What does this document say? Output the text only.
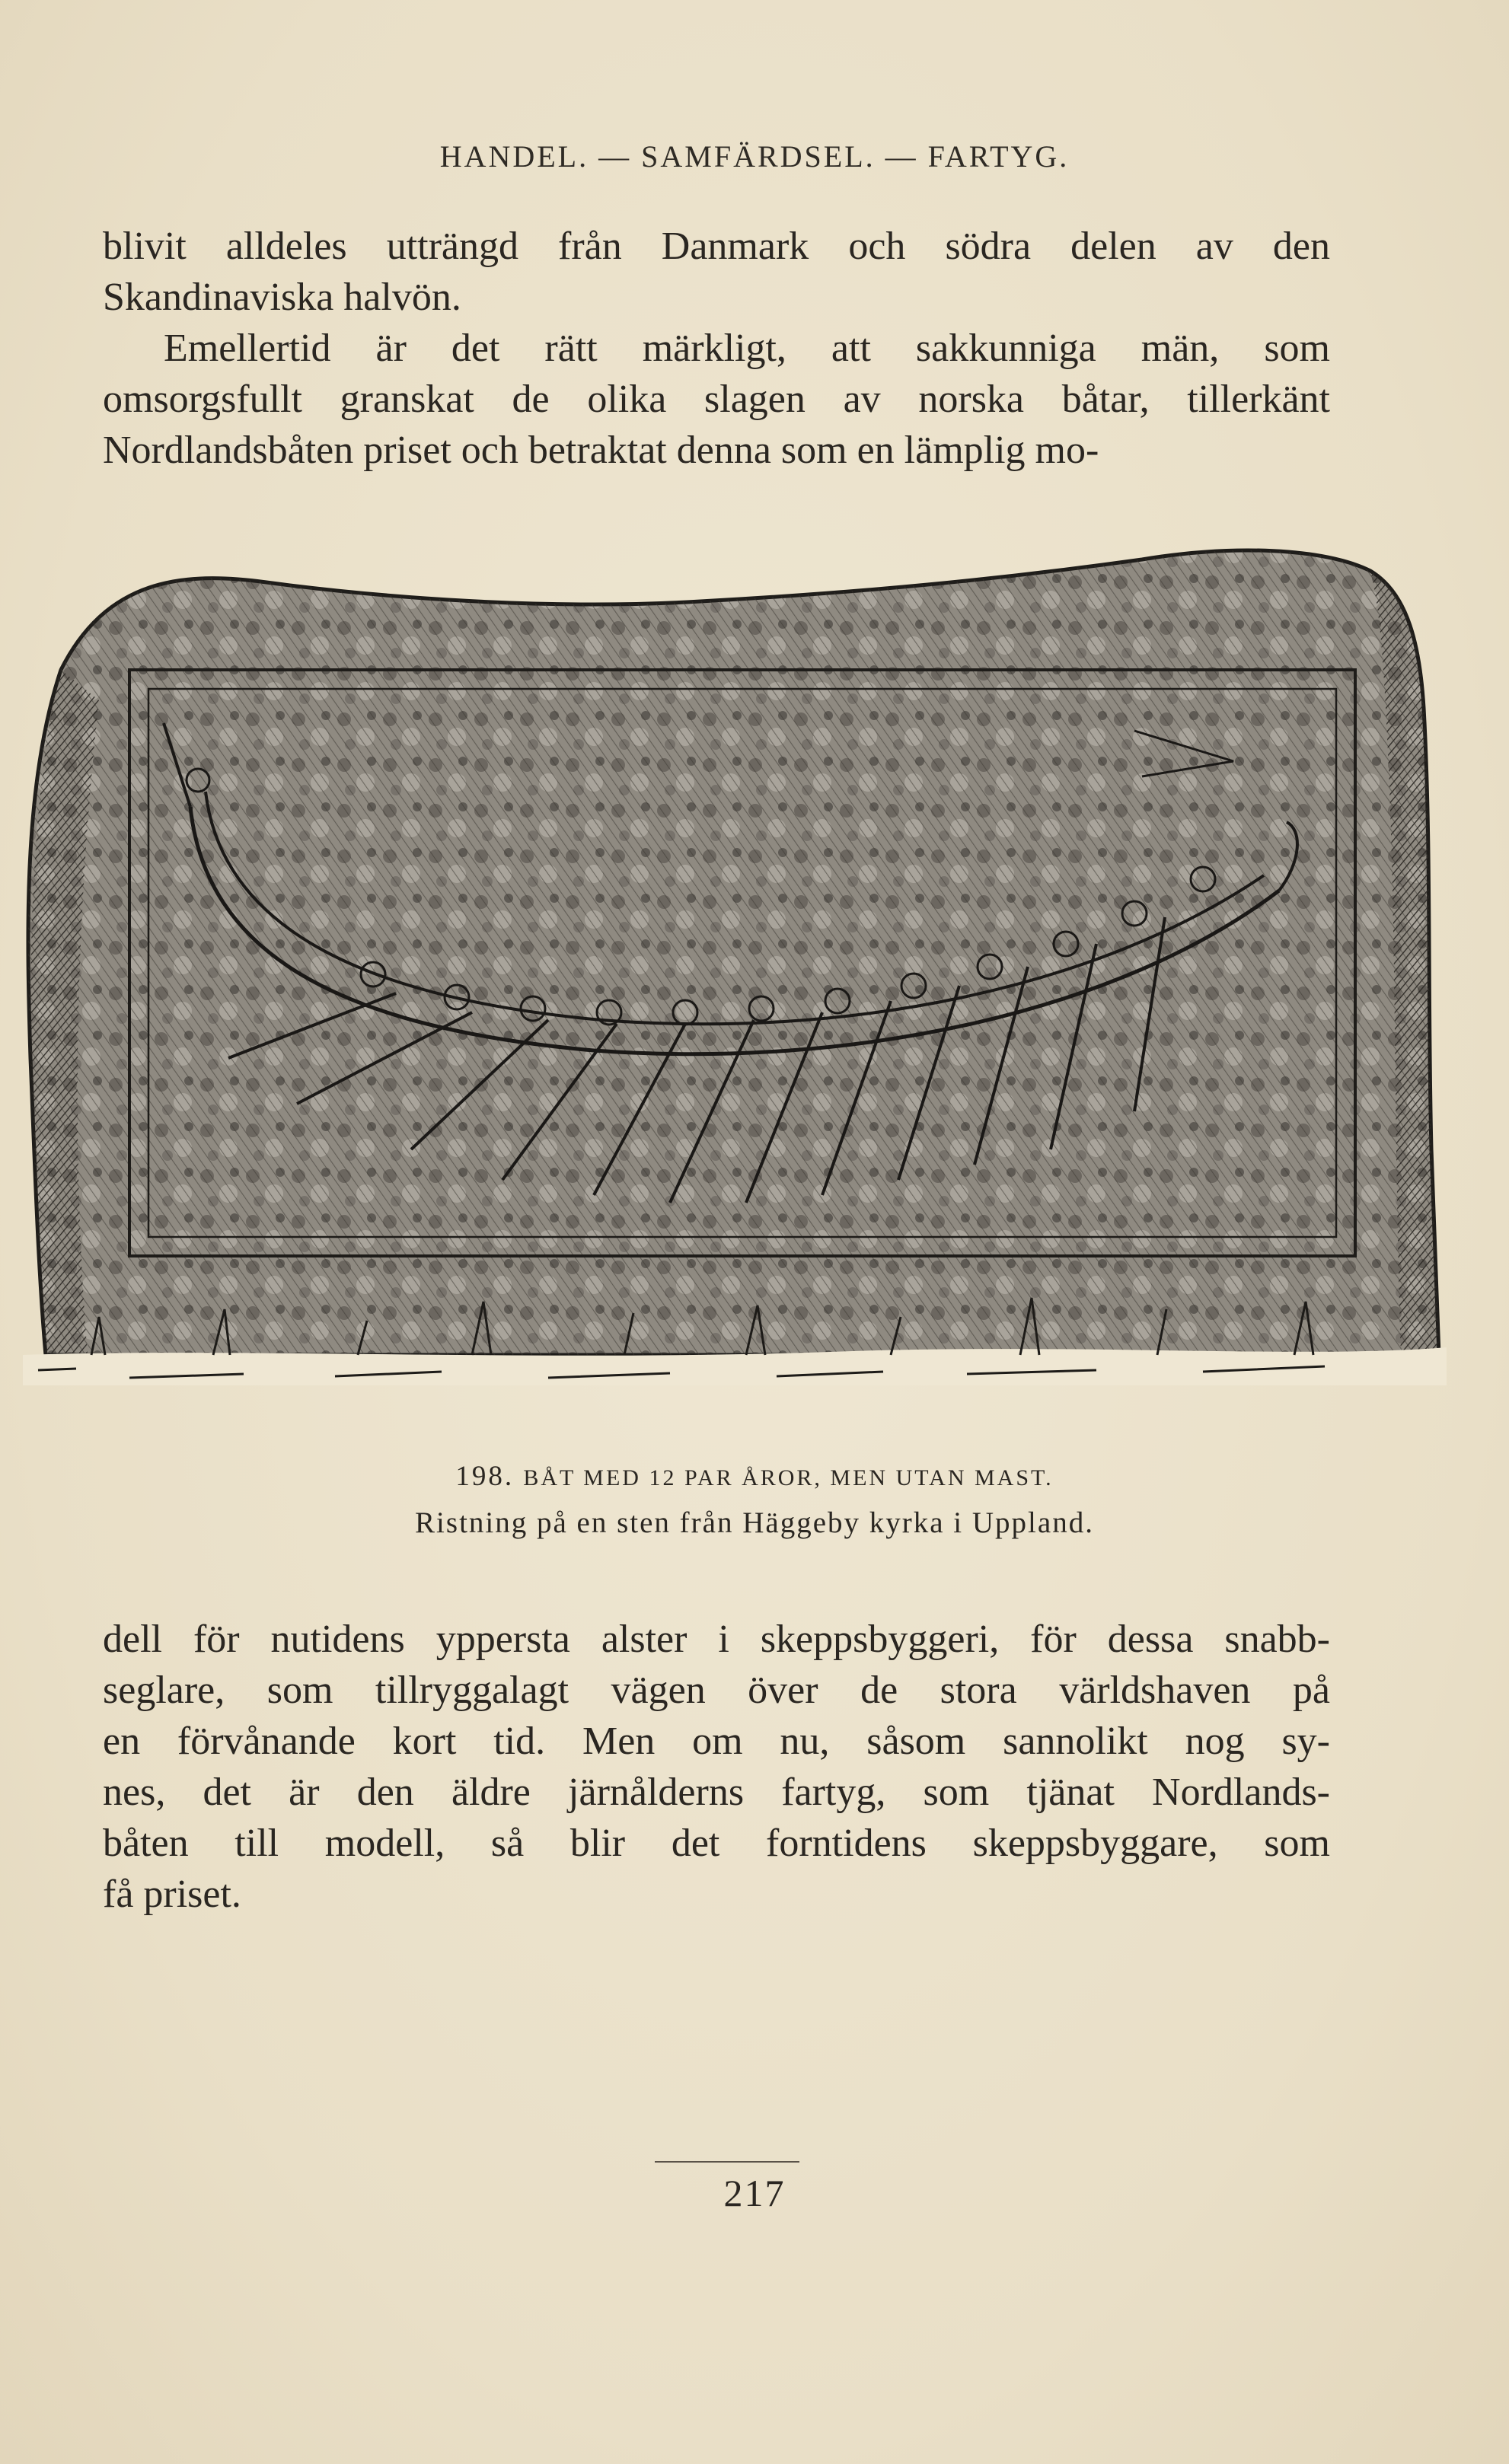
HANDEL. — SAMFÄRDSEL. — FARTYG.
blivit alldeles utträngd från Danmark och södra delen av den
Skandinaviska halvön.
Emellertid är det rätt märkligt, att sakkunniga män, som
omsorgsfullt granskat de olika slagen av norska båtar, tillerkänt
Nordlandsbåten priset och betraktat denna som en lämplig mo-
198. BÅT MED 12 PAR ÅROR, MEN UTAN MAST.
Ristning på en sten från Häggeby kyrka i Uppland.
dell för nutidens yppersta alster i skeppsbyggeri, för dessa snabb-
seglare, som tillryggalagt vägen över de stora världshaven på
en förvånande kort tid. Men om nu, såsom sannolikt nog sy-
nes, det är den äldre järnålderns fartyg, som tjänat Nordlands-
båten till modell, så blir det forntidens skeppsbyggare, som
få priset.
217
